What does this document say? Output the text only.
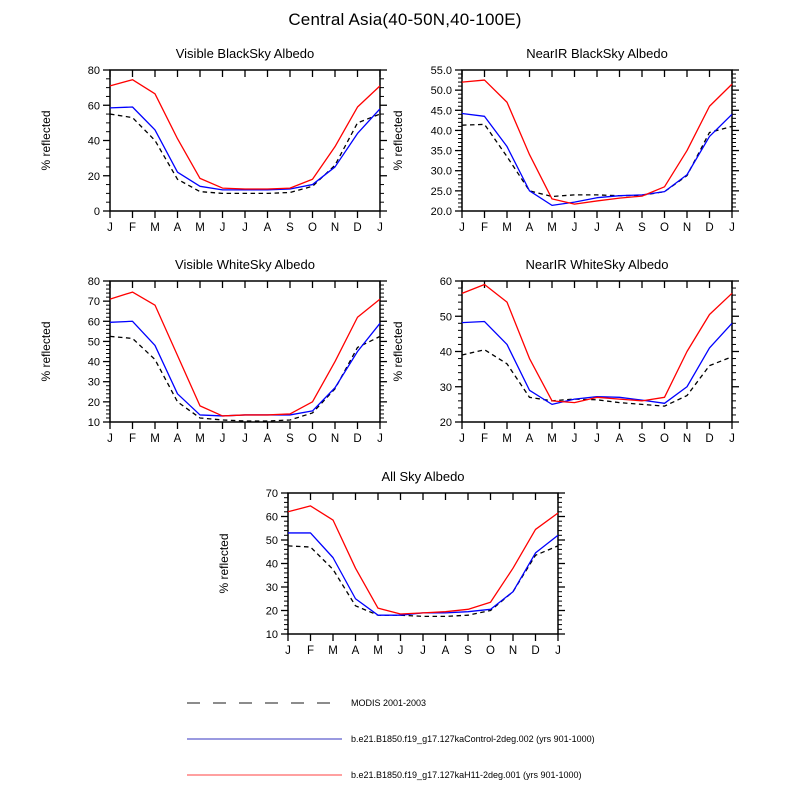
Central Asia(40-50N,40-100E)
Visible BlackSky Albedo
% reflected
0
20
40
60
80
J F M A M J J A S O N D J
NearIR BlackSky Albedo
% reflected
20.0
25.0
30.0
35.0
40.0
45.0
50.0
55.0
J F M A M J J A S O N D J
Visible WhiteSky Albedo
% reflected
10
20
30
40
50
60
70
80
J F M A M J J A S O N D J
NearIR WhiteSky Albedo
% reflected
20
30
40
50
60
J F M A M J J A S O N D J
All Sky Albedo
% reflected
10
20
30
40
50
60
70
J F M A M J J A S O N D J
MODIS 2001-2003
b.e21.B1850.f19_g17.127kaControl-2deg.002 (yrs 901-1000)
b.e21.B1850.f19_g17.127kaH11-2deg.001 (yrs 901-1000)
